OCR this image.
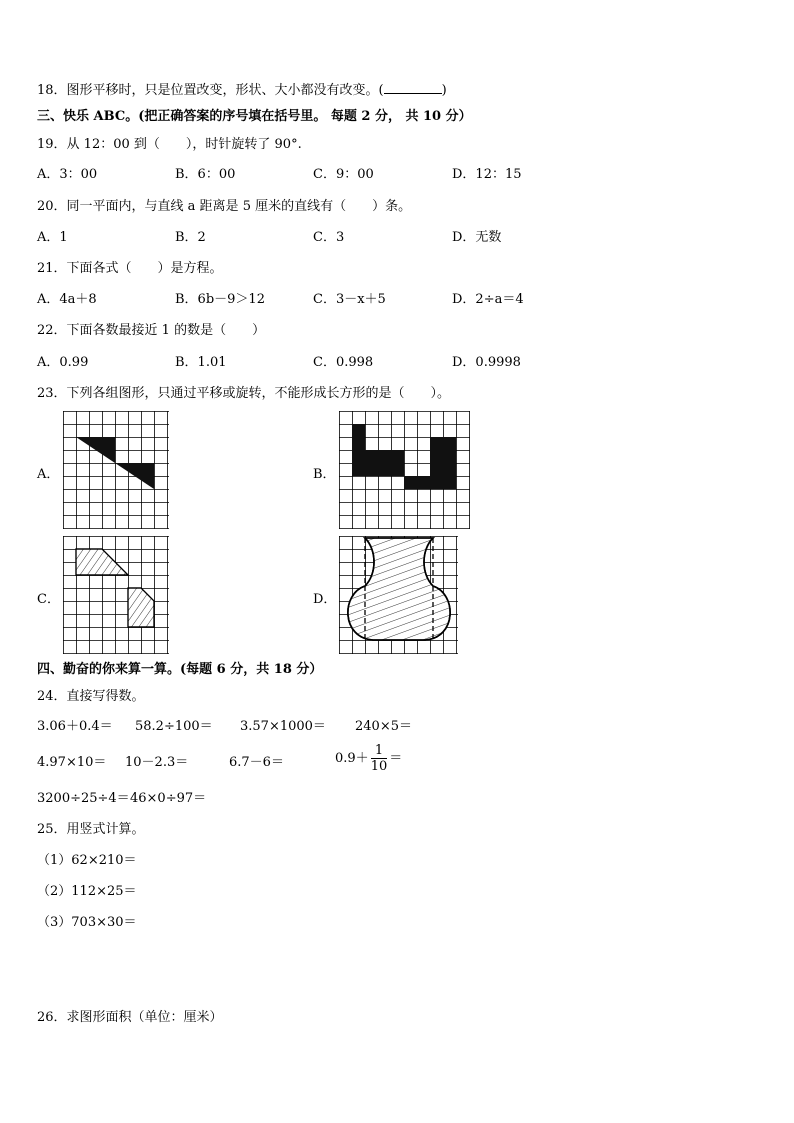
18．图形平移时，只是位置改变，形状、大小都没有改变。(	)
三、快乐 ABC。(把正确答案的序号填在括号里。 每题 2 分， 共 10 分）
19．从 12：00 到（　　），时针旋转了 90°.
A．3：00	B．6：00	C．9：00	D．12：15
20．同一平面内，与直线 a 距离是 5 厘米的直线有（　　）条。
A．1	B．2	C．3	D．无数
21．下面各式（　　）是方程。
A．4a＋8	B．6b－9＞12	C．3－x＋5	D．2÷a＝4
22．下面各数最接近 1 的数是（　　）
A．0.99	B．1.01	C．0.998	D．0.9998
23．下列各组图形，只通过平移或旋转，不能形成长方形的是（　　）。
A．	B．
C．	D．
四、勤奋的你来算一算。(每题 6 分，共 18 分）
24．直接写得数。
3.06＋0.4＝ 58.2÷100＝ 3.57×1000＝ 240×5＝
4.97×10＝ 10－2.3＝	6.7－6＝	$0.9+ \frac{1}{10}$ ＝
3200÷25÷4＝ 46×0÷97＝
25．用竖式计算。
（1）62×210＝
（2）112×25＝
（3）703×30＝
26．求图形面积（单位：厘米）
